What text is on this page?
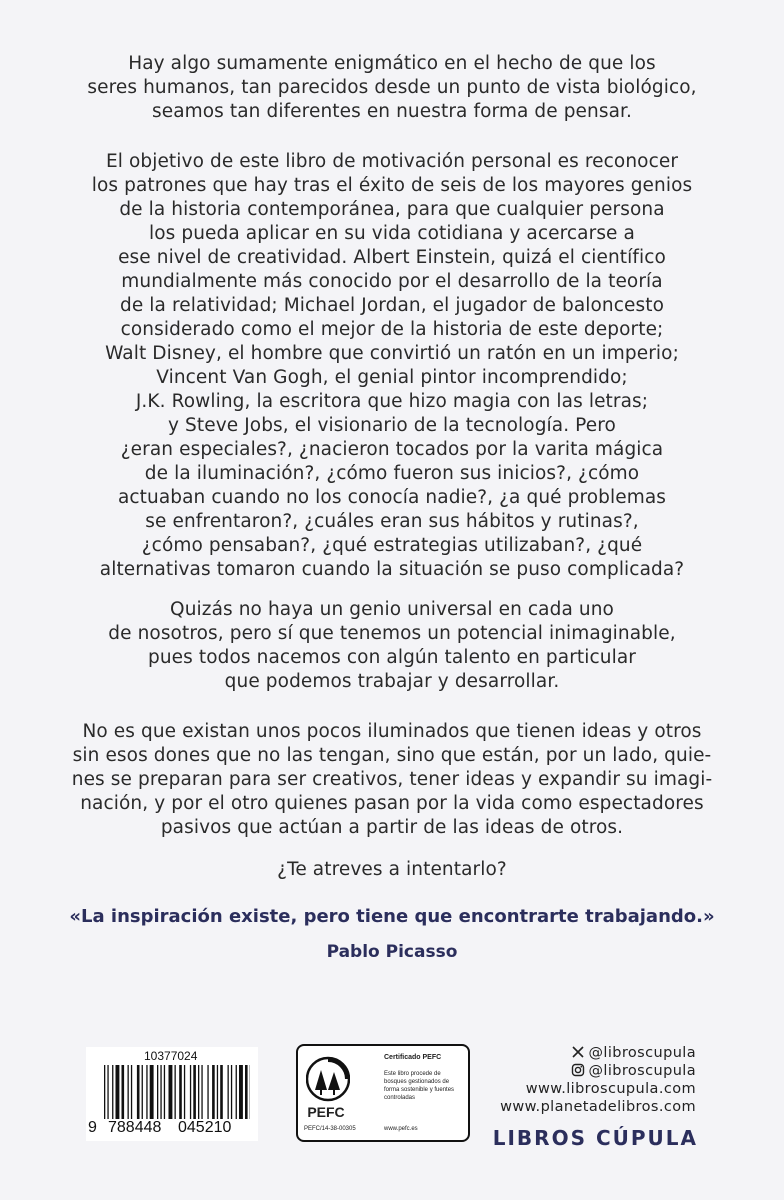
Hay algo sumamente enigmático en el hecho de que los
seres humanos, tan parecidos desde un punto de vista biológico,
seamos tan diferentes en nuestra forma de pensar.
El objetivo de este libro de motivación personal es reconocer
los patrones que hay tras el éxito de seis de los mayores genios
de la historia contemporánea, para que cualquier persona
los pueda aplicar en su vida cotidiana y acercarse a
ese nivel de creatividad. Albert Einstein, quizá el científico
mundialmente más conocido por el desarrollo de la teoría
de la relatividad; Michael Jordan, el jugador de baloncesto
considerado como el mejor de la historia de este deporte;
Walt Disney, el hombre que convirtió un ratón en un imperio;
Vincent Van Gogh, el genial pintor incomprendido;
J.K. Rowling, la escritora que hizo magia con las letras;
y Steve Jobs, el visionario de la tecnología. Pero
¿eran especiales?, ¿nacieron tocados por la varita mágica
de la iluminación?, ¿cómo fueron sus inicios?, ¿cómo
actuaban cuando no los conocía nadie?, ¿a qué problemas
se enfrentaron?, ¿cuáles eran sus hábitos y rutinas?,
¿cómo pensaban?, ¿qué estrategias utilizaban?, ¿qué
alternativas tomaron cuando la situación se puso complicada?
Quizás no haya un genio universal en cada uno
de nosotros, pero sí que tenemos un potencial inimaginable,
pues todos nacemos con algún talento en particular
que podemos trabajar y desarrollar.
No es que existan unos pocos iluminados que tienen ideas y otros
sin esos dones que no las tengan, sino que están, por un lado, quie-
nes se preparan para ser creativos, tener ideas y expandir su imagi-
nación, y por el otro quienes pasan por la vida como espectadores
pasivos que actúan a partir de las ideas de otros.
¿Te atreves a intentarlo?
«La inspiración existe, pero tiene que encontrarte trabajando.»
Pablo Picasso
10377024
9 788448 045210
PEFC
Certificado PEFC
Este libro procede de bosques gestionados de forma sostenible y fuentes controladas
PEFC/14-38-00305	www.pefc.es
@libroscupula
@libroscupula
www.libroscupula.com
www.planetadelibros.com
LIBROS CÚPULA
